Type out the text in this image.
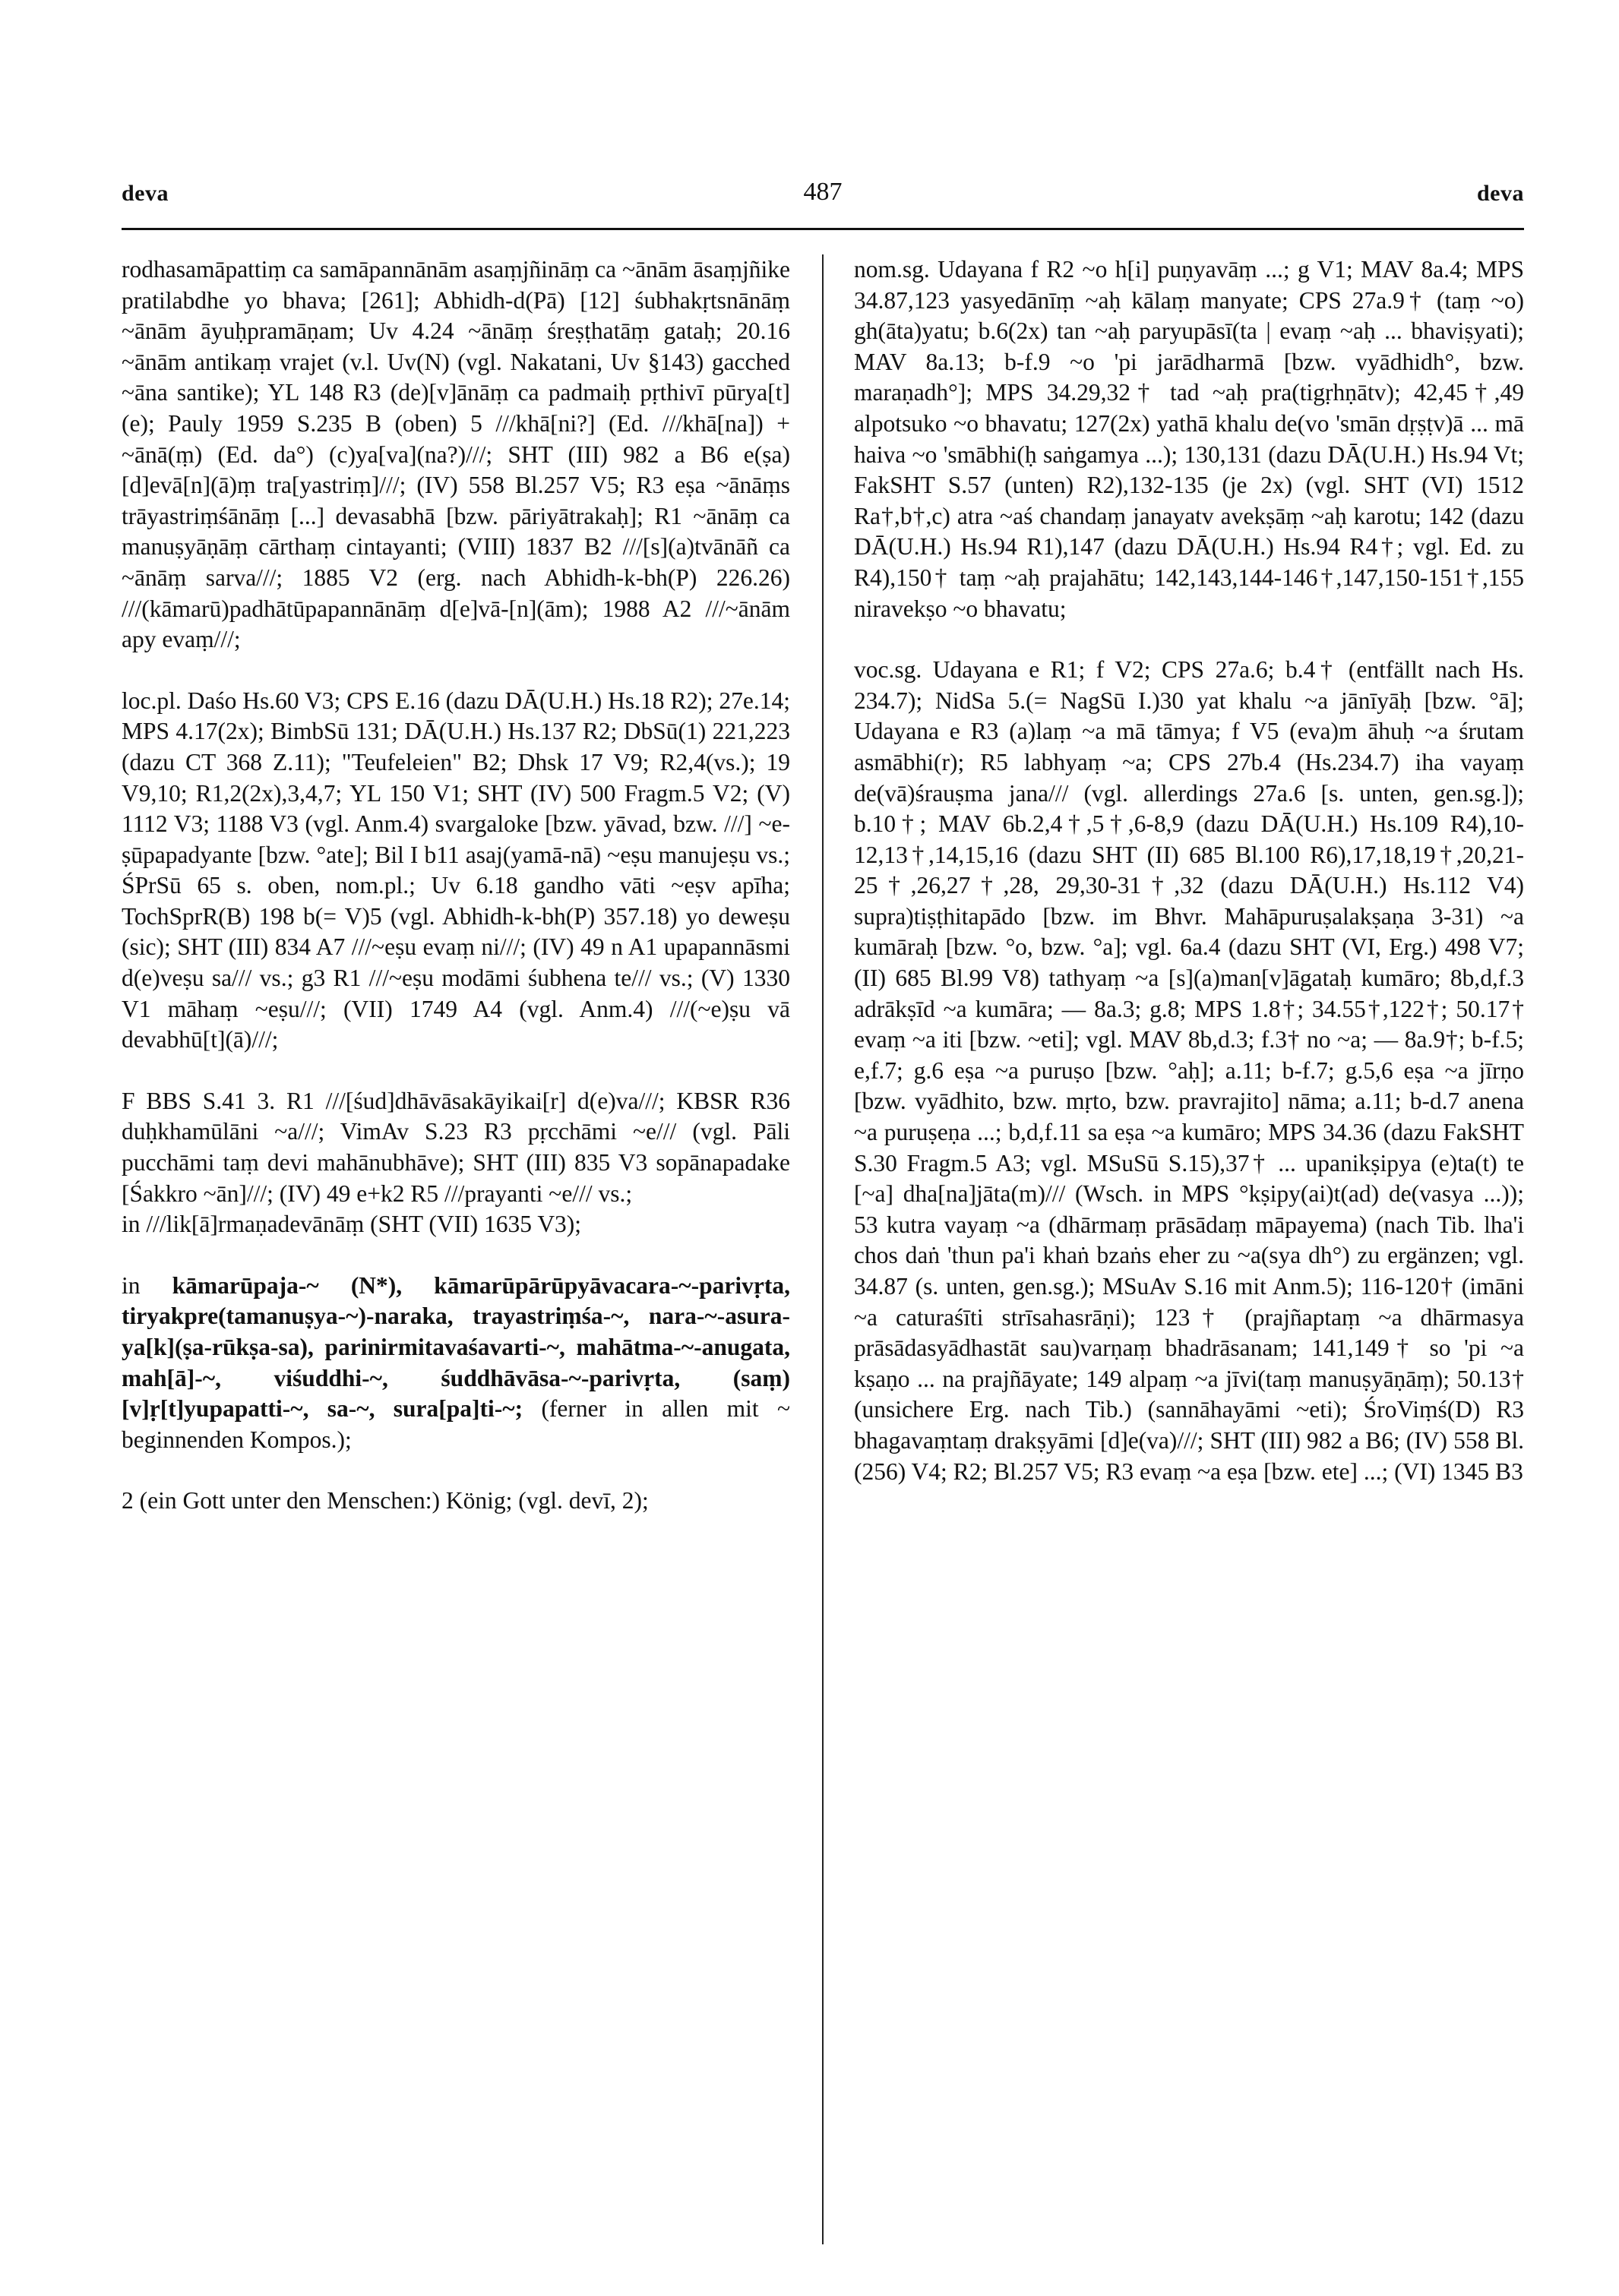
deva	487	deva

rodhasamāpattiṃ ca samāpannānām asaṃjñināṃ ca ~ānām āsaṃjñike pratilabdhe yo bhava; [261]; Abhidh-d(Pā) [12] śubhakṛtsnānāṃ ~ānām āyuḥpramāṇam; Uv 4.24 ~ānāṃ śreṣṭhatāṃ gataḥ; 20.16 ~ānām antikaṃ vrajet (v.l. Uv(N) (vgl. Nakatani, Uv §143) gacched ~āna santike); YL 148 R3 (de)[v]ānāṃ ca padmaiḥ pṛthivī pūrya[t](e); Pauly 1959 S.235 B (oben) 5 ///khā[ni?] (Ed. ///khā[na]) + ~ānā(ṃ) (Ed. da°) (c)ya[va](na?)///; SHT (III) 982 a B6 e(ṣa) [d]evā[n](ā)ṃ tra[yastriṃ]///; (IV) 558 Bl.257 V5; R3 eṣa ~ānāṃs trāyastriṃśānāṃ [...] devasabhā [bzw. pāriyātrakaḥ]; R1 ~ānāṃ ca manuṣyāṇāṃ cārthaṃ cintayanti; (VIII) 1837 B2 ///[s](a)tvānāñ ca ~ānāṃ sarva///; 1885 V2 (erg. nach Abhidh-k-bh(P) 226.26) ///(kāmarū)padhātūpapannānāṃ d[e]vā-[n](ām); 1988 A2 ///~ānām apy evaṃ///;

loc.pl. Daśo Hs.60 V3; CPS E.16 (dazu DĀ(U.H.) Hs.18 R2); 27e.14; MPS 4.17(2x); BimbSū 131; DĀ(U.H.) Hs.137 R2; DbSū(1) 221,223 (dazu CT 368 Z.11); "Teufeleien" B2; Dhsk 17 V9; R2,4(vs.); 19 V9,10; R1,2(2x),3,4,7; YL 150 V1; SHT (IV) 500 Fragm.5 V2; (V) 1112 V3; 1188 V3 (vgl. Anm.4) svargaloke [bzw. yāvad, bzw. ///] ~e-ṣūpapadyante [bzw. °ate]; Bil I b11 asaj(yamā-nā) ~eṣu manujeṣu vs.; ŚPrSū 65 s. oben, nom.pl.; Uv 6.18 gandho vāti ~eṣv apīha; TochSprR(B) 198 b(= V)5 (vgl. Abhidh-k-bh(P) 357.18) yo deweṣu (sic); SHT (III) 834 A7 ///~eṣu evaṃ ni///; (IV) 49 n A1 upapannāsmi d(e)veṣu sa/// vs.; g3 R1 ///~eṣu modāmi śubhena te/// vs.; (V) 1330 V1 māhaṃ ~eṣu///; (VII) 1749 A4 (vgl. Anm.4) ///(~e)ṣu vā devabhū[t](ā)///;

F BBS S.41 3. R1 ///[śud]dhāvāsakāyikai[r] d(e)va///; KBSR R36 duḥkhamūlāni ~a///; VimAv S.23 R3 pṛcchāmi ~e/// (vgl. Pāli pucchāmi taṃ devi mahānubhāve); SHT (III) 835 V3 sopānapadake [Śakkro ~ān]///; (IV) 49 e+k2 R5 ///prayanti ~e/// vs.;

in ///lik[ā]rmaṇadevānāṃ (SHT (VII) 1635 V3);

in kāmarūpaja-~ (N*), kāmarūpārūpyāvacara-~-parivṛta, tiryakpre(tamanuṣya-~)-naraka, trayastriṃśa-~, nara-~-asura-ya[k](ṣa-rūkṣa-sa), parinirmitavaśavarti-~, mahātma-~-anugata, mah[ā]-~, viśuddhi-~, śuddhāvāsa-~-parivṛta, (saṃ)[v]ṛ[t]yupapatti-~, sa-~, sura[pa]ti-~; (ferner in allen mit ~ beginnenden Kompos.);

2 (ein Gott unter den Menschen:) König; (vgl. devī, 2);

nom.sg. Udayana f R2 ~o h[i] puṇyavāṃ ...; g V1; MAV 8a.4; MPS 34.87,123 yasyedānīṃ ~aḥ kālaṃ manyate; CPS 27a.9† (taṃ ~o) gh(āta)yatu; b.6(2x) tan ~aḥ paryupāsī(ta | evaṃ ~aḥ ... bhaviṣyati); MAV 8a.13; b-f.9 ~o 'pi jarādharmā [bzw. vyādhidh°, bzw. maraṇadh°]; MPS 34.29,32† tad ~aḥ pra(tigṛhṇātv); 42,45†,49 alpotsuko ~o bhavatu; 127(2x) yathā khalu de(vo 'smān dṛṣṭv)ā ... mā haiva ~o 'smābhi(ḥ saṅgamya ...); 130,131 (dazu DĀ(U.H.) Hs.94 Vt; FakSHT S.57 (unten) R2),132-135 (je 2x) (vgl. SHT (VI) 1512 Ra†,b†,c) atra ~aś chandaṃ janayatv avekṣāṃ ~aḥ karotu; 142 (dazu DĀ(U.H.) Hs.94 R1),147 (dazu DĀ(U.H.) Hs.94 R4†; vgl. Ed. zu R4),150† taṃ ~aḥ prajahātu; 142,143,144-146†,147,150-151†,155 niravekṣo ~o bhavatu;

voc.sg. Udayana e R1; f V2; CPS 27a.6; b.4† (entfällt nach Hs. 234.7); NidSa 5.(= NagSū I.)30 yat khalu ~a jānīyāḥ [bzw. °ā]; Udayana e R3 (a)laṃ ~a mā tāmya; f V5 (eva)m āhuḥ ~a śrutam asmābhi(r); R5 labhyaṃ ~a; CPS 27b.4 (Hs.234.7) iha vayaṃ de(vā)śrauṣma jana/// (vgl. allerdings 27a.6 [s. unten, gen.sg.]); b.10†; MAV 6b.2,4†,5†,6-8,9 (dazu DĀ(U.H.) Hs.109 R4),10-12,13†,14,15,16 (dazu SHT (II) 685 Bl.100 R6),17,18,19†,20,21-25†,26,27†,28, 29,30-31†,32 (dazu DĀ(U.H.) Hs.112 V4) supra)tiṣṭhitapādo [bzw. im Bhvr. Mahāpuruṣalakṣaṇa 3-31) ~a kumāraḥ [bzw. °o, bzw. °a]; vgl. 6a.4 (dazu SHT (VI, Erg.) 498 V7; (II) 685 Bl.99 V8) tathyaṃ ~a [s](a)man[v]āgataḥ kumāro; 8b,d,f.3 adrākṣīd ~a kumāra; — 8a.3; g.8; MPS 1.8†; 34.55†,122†; 50.17† evaṃ ~a iti [bzw. ~eti]; vgl. MAV 8b,d.3; f.3† no ~a; — 8a.9†; b-f.5; e,f.7; g.6 eṣa ~a puruṣo [bzw. °aḥ]; a.11; b-f.7; g.5,6 eṣa ~a jīrṇo [bzw. vyādhito, bzw. mṛto, bzw. pravrajito] nāma; a.11; b-d.7 anena ~a puruṣeṇa ...; b,d,f.11 sa eṣa ~a kumāro; MPS 34.36 (dazu FakSHT S.30 Fragm.5 A3; vgl. MSuSū S.15),37† ... upanikṣipya (e)ta(t) te [~a] dha[na]jāta(m)/// (Wsch. in MPS °kṣipy(ai)t(ad) de(vasya ...)); 53 kutra vayaṃ ~a (dhārmaṃ prāsādaṃ māpayema) (nach Tib. lha'i chos daṅ 'thun pa'i khaṅ bzaṅs eher zu ~a(sya dh°) zu ergänzen; vgl. 34.87 (s. unten, gen.sg.); MSuAv S.16 mit Anm.5); 116-120† (imāni ~a caturaśīti strīsahasrāṇi); 123† (prajñaptaṃ ~a dhārmasya prāsādasyādhastāt sau)varṇaṃ bhadrāsanam; 141,149† so 'pi ~a kṣaṇo ... na prajñāyate; 149 alpaṃ ~a jīvi(taṃ manuṣyāṇāṃ); 50.13† (unsichere Erg. nach Tib.) (sannāhayāmi ~eti); ŚroViṃś(D) R3 bhagavaṃtaṃ drakṣyāmi [d]e(va)///; SHT (III) 982 a B6; (IV) 558 Bl.(256) V4; R2; Bl.257 V5; R3 evaṃ ~a eṣa [bzw. ete] ...; (VI) 1345 B3
